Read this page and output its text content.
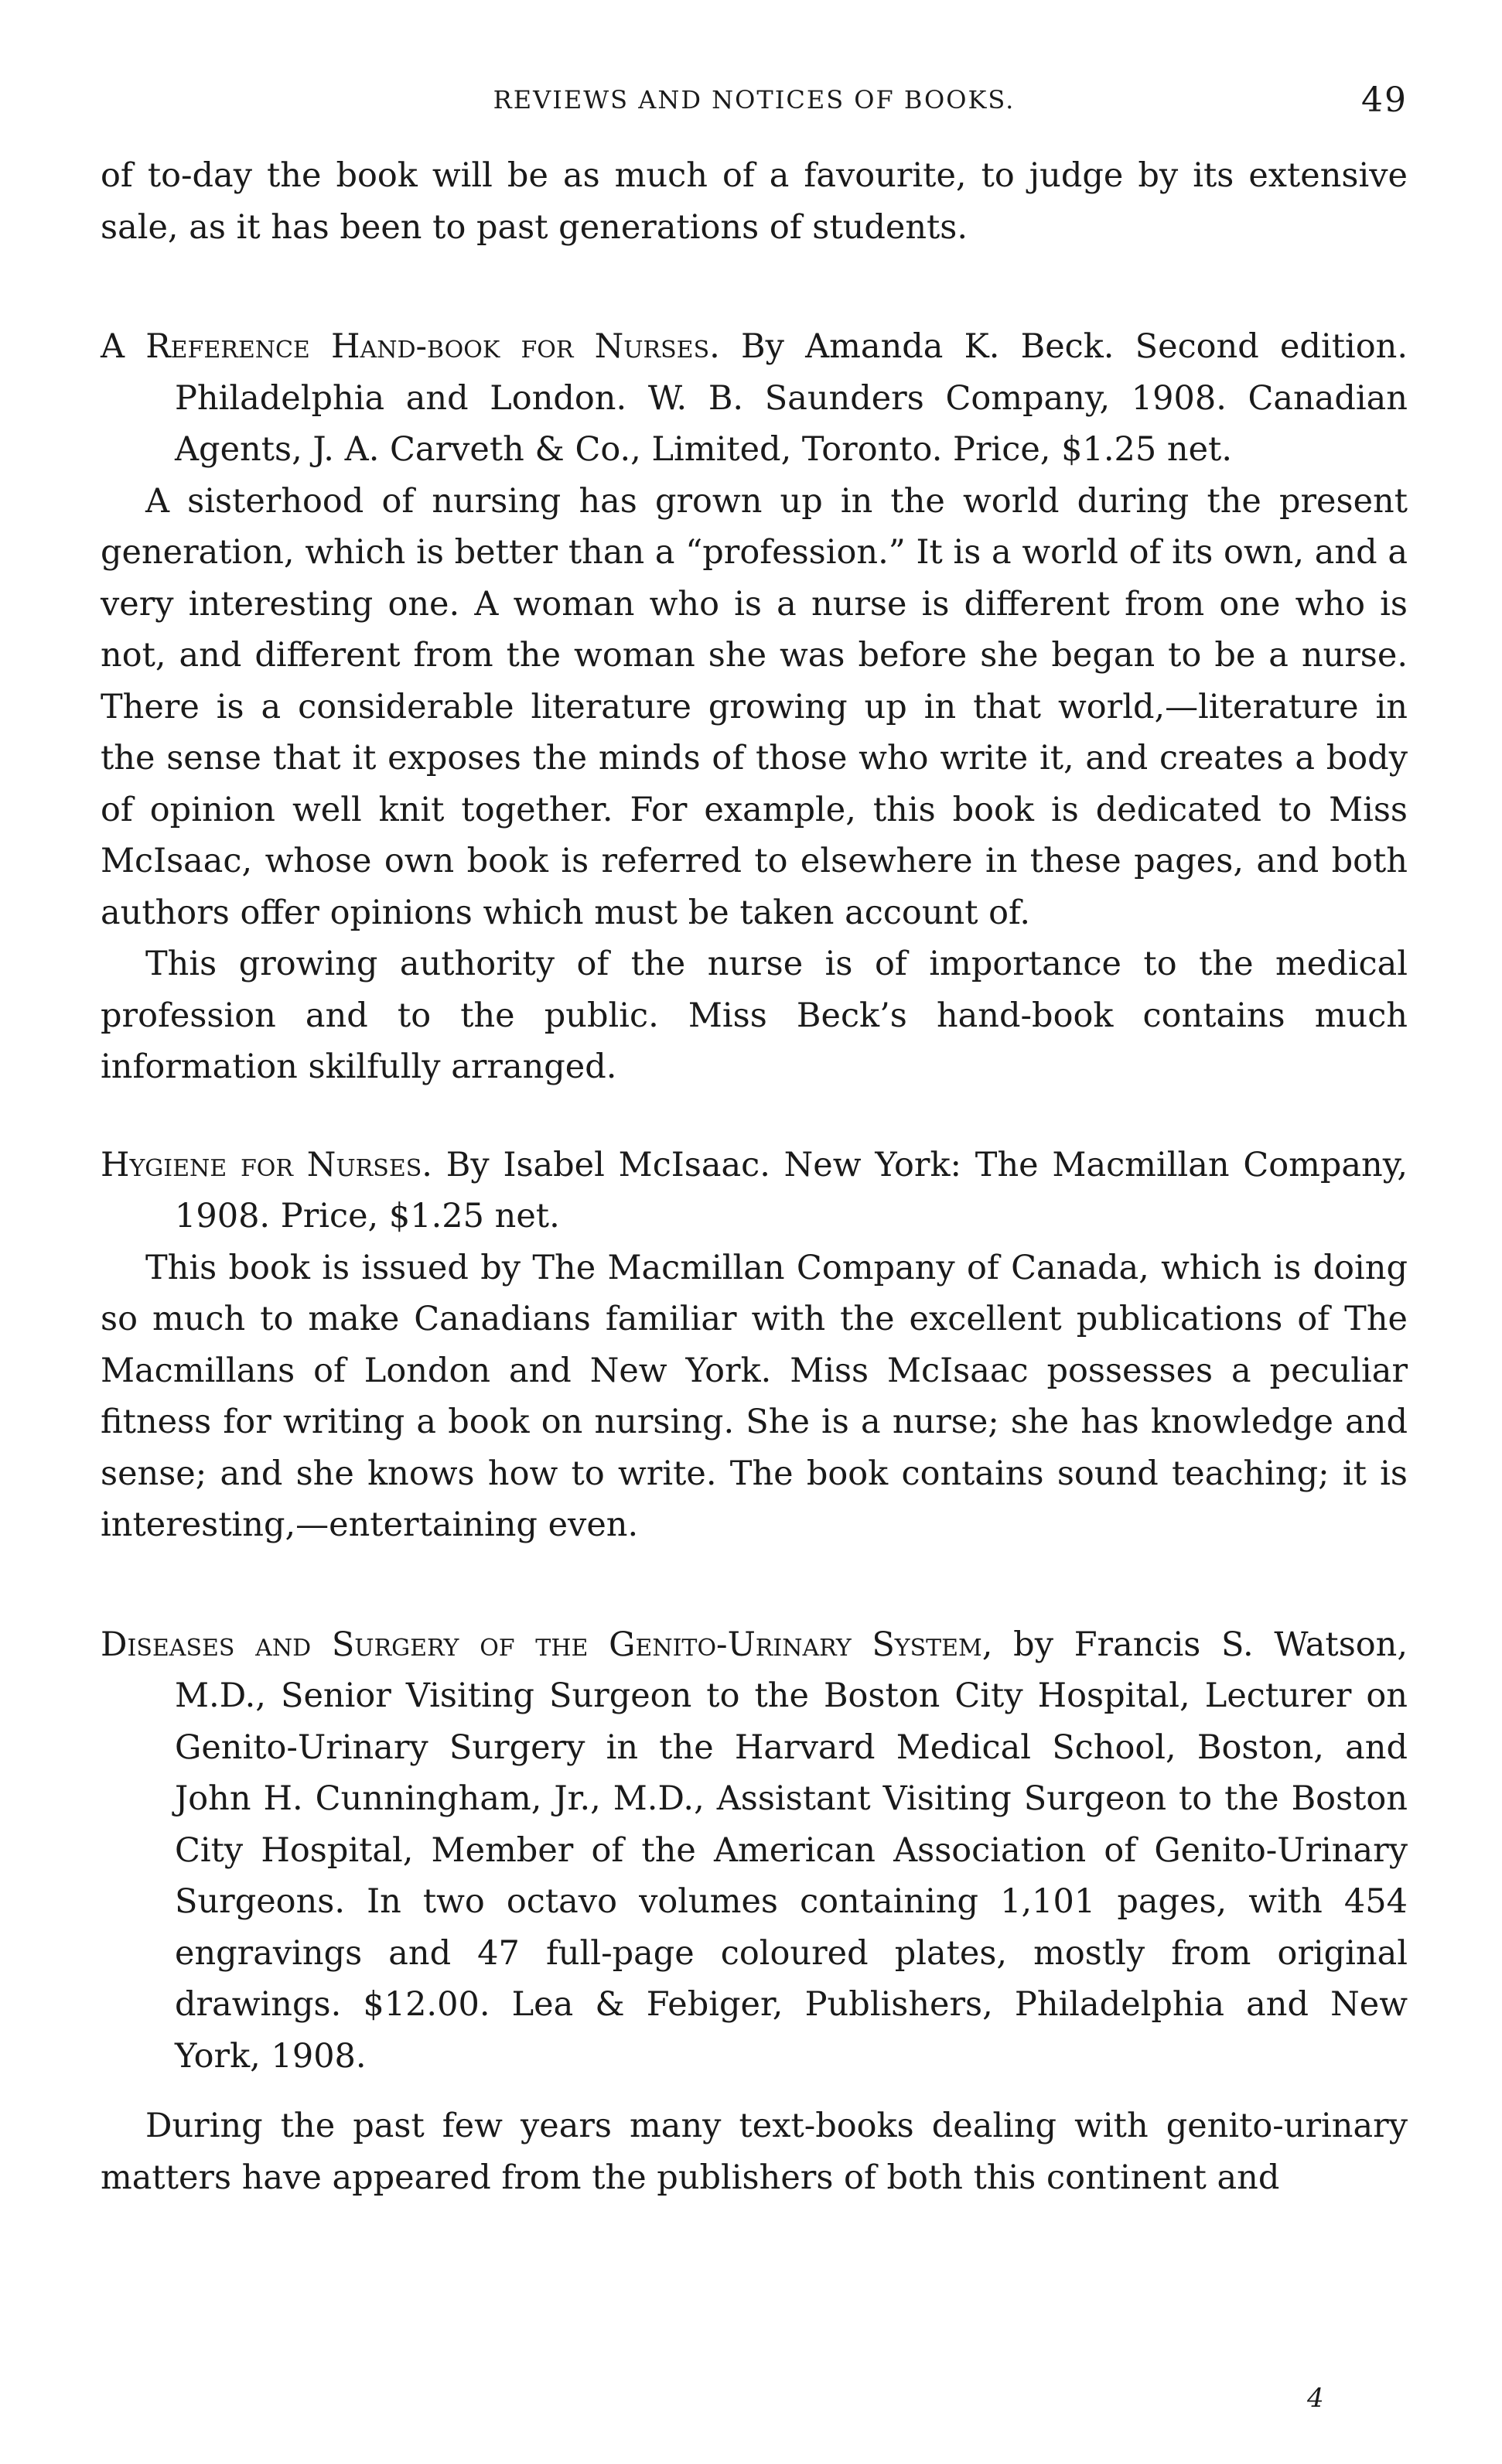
REVIEWS AND NOTICES OF BOOKS.	49

of to-day the book will be as much of a favourite, to judge by its extensive sale, as it has been to past generations of students.

A Reference Hand-book for Nurses. By Amanda K. Beck. Second edition. Philadelphia and London. W. B. Saunders Company, 1908. Canadian Agents, J. A. Carveth & Co., Limited, Toronto. Price, $1.25 net.

A sisterhood of nursing has grown up in the world during the present generation, which is better than a “profession.” It is a world of its own, and a very interesting one. A woman who is a nurse is different from one who is not, and different from the woman she was before she began to be a nurse. There is a considerable literature growing up in that world,—literature in the sense that it exposes the minds of those who write it, and creates a body of opinion well knit together. For example, this book is dedicated to Miss McIsaac, whose own book is referred to elsewhere in these pages, and both authors offer opinions which must be taken account of.

This growing authority of the nurse is of importance to the medical profession and to the public. Miss Beck’s hand-book contains much information skilfully arranged.

Hygiene for Nurses. By Isabel McIsaac. New York: The Macmillan Company, 1908. Price, $1.25 net.

This book is issued by The Macmillan Company of Canada, which is doing so much to make Canadians familiar with the excellent publications of The Macmillans of London and New York. Miss McIsaac possesses a peculiar fitness for writing a book on nursing. She is a nurse; she has knowledge and sense; and she knows how to write. The book contains sound teaching; it is interesting,—entertaining even.

Diseases and Surgery of the Genito-Urinary System, by Francis S. Watson, M.D., Senior Visiting Surgeon to the Boston City Hospital, Lecturer on Genito-Urinary Surgery in the Harvard Medical School, Boston, and John H. Cunningham, Jr., M.D., Assistant Visiting Surgeon to the Boston City Hospital, Member of the American Association of Genito-Urinary Surgeons. In two octavo volumes containing 1,101 pages, with 454 engravings and 47 full-page coloured plates, mostly from original drawings. $12.00. Lea & Febiger, Publishers, Philadelphia and New York, 1908.

During the past few years many text-books dealing with genito-urinary matters have appeared from the publishers of both this continent and

4
